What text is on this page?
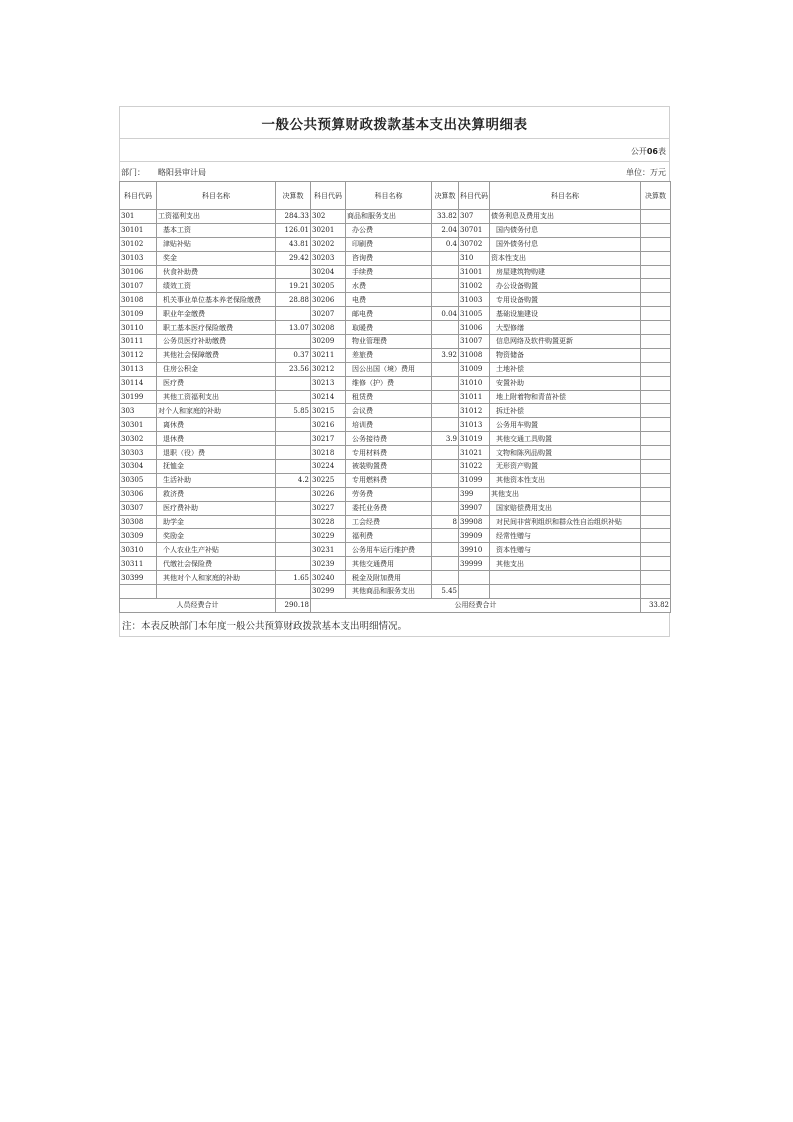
一般公共预算财政拨款基本支出决算明细表
公开06表
部门： 略阳县审计局	单位：万元
科目代码	科目名称	决算数	科目代码	科目名称	决算数	科目代码	科目名称	决算数
301	工资福利支出	284.33	302	商品和服务支出	33.82	307	债务利息及费用支出	
30101	基本工资	126.01	30201	办公费	2.04	30701	国内债务付息	
30102	津贴补贴	43.81	30202	印刷费	0.4	30702	国外债务付息	
30103	奖金	29.42	30203	咨询费		310	资本性支出	
30106	伙食补助费		30204	手续费		31001	房屋建筑物购建	
30107	绩效工资	19.21	30205	水费		31002	办公设备购置	
30108	机关事业单位基本养老保险缴费	28.88	30206	电费		31003	专用设备购置	
30109	职业年金缴费		30207	邮电费	0.04	31005	基础设施建设	
30110	职工基本医疗保险缴费	13.07	30208	取暖费		31006	大型修缮	
30111	公务员医疗补助缴费		30209	物业管理费		31007	信息网络及软件购置更新	
30112	其他社会保障缴费	0.37	30211	差旅费	3.92	31008	物资储备	
30113	住房公积金	23.56	30212	因公出国（境）费用		31009	土地补偿	
30114	医疗费		30213	维修（护）费		31010	安置补助	
30199	其他工资福利支出		30214	租赁费		31011	地上附着物和青苗补偿	
303	对个人和家庭的补助	5.85	30215	会议费		31012	拆迁补偿	
30301	离休费		30216	培训费		31013	公务用车购置	
30302	退休费		30217	公务接待费	3.9	31019	其他交通工具购置	
30303	退职（役）费		30218	专用材料费		31021	文物和陈列品购置	
30304	抚恤金		30224	被装购置费		31022	无形资产购置	
30305	生活补助	4.2	30225	专用燃料费		31099	其他资本性支出	
30306	救济费		30226	劳务费		399	其他支出	
30307	医疗费补助		30227	委托业务费		39907	国家赔偿费用支出	
30308	助学金		30228	工会经费	8	39908	对民间非营利组织和群众性自治组织补贴	
30309	奖励金		30229	福利费		39909	经常性赠与	
30310	个人农业生产补贴		30231	公务用车运行维护费		39910	资本性赠与	
30311	代缴社会保险费		30239	其他交通费用		39999	其他支出	
30399	其他对个人和家庭的补助	1.65	30240	税金及附加费用				
			30299	其他商品和服务支出	5.45			
人员经费合计		290.18	公用经费合计					33.82
注：本表反映部门本年度一般公共预算财政拨款基本支出明细情况。
